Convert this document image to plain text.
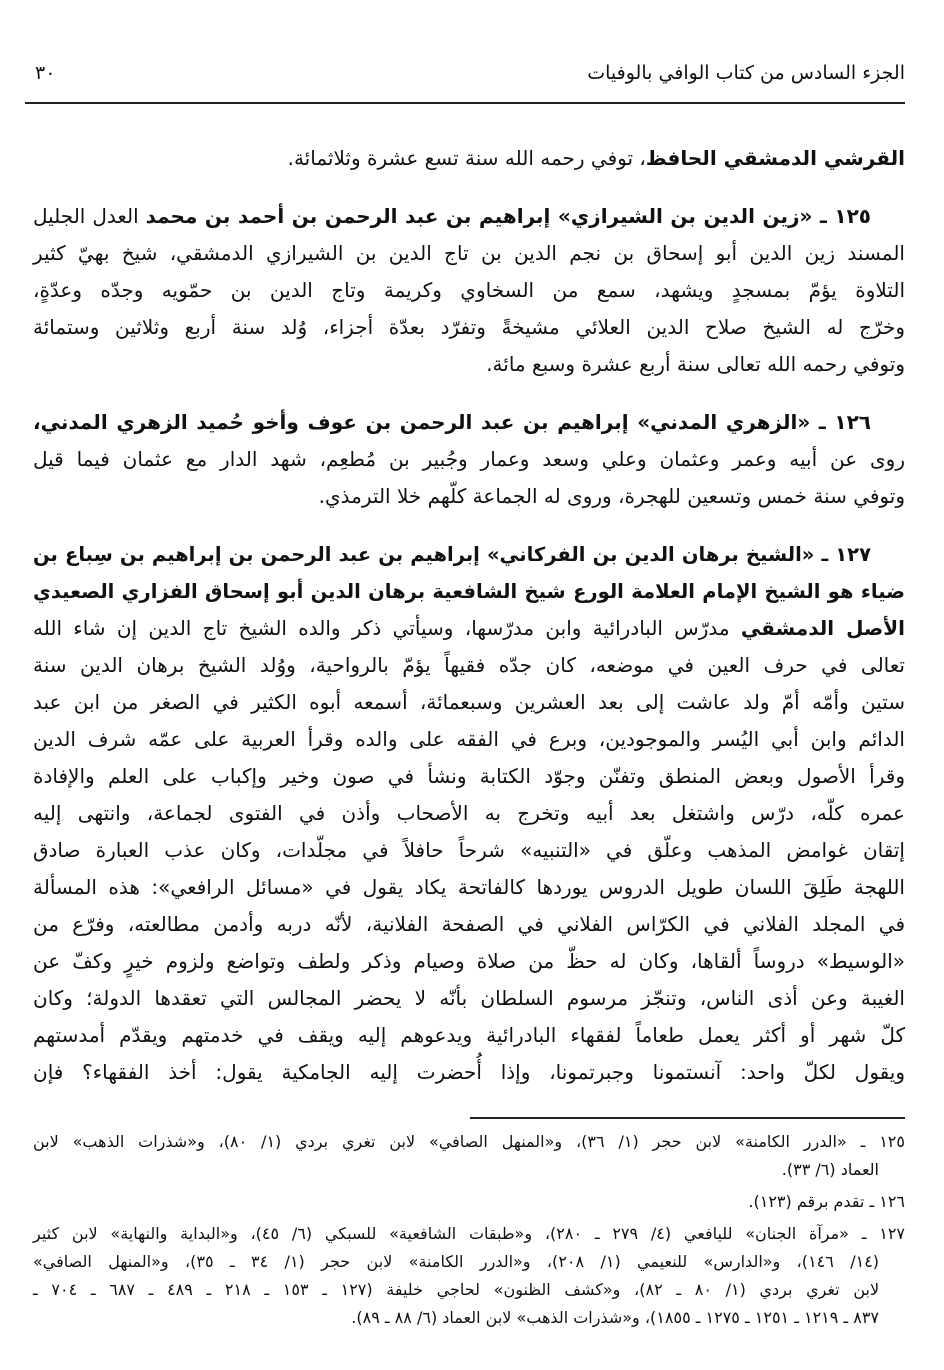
الجزء السادس من كتاب الوافي بالوفيات
٣٠
القرشي الدمشقي الحافظ، توفي رحمه الله سنة تسع عشرة وثلاثمائة.
١٢٥ ـ «زين الدين بن الشيرازي» إبراهيم بن عبد الرحمن بن أحمد بن محمد العدل الجليل
المسند زين الدين أبو إسحاق بن نجم الدين بن تاج الدين بن الشيرازي الدمشقي، شيخ بهيّ كثير
التلاوة يؤمّ بمسجدٍ ويشهد، سمع من السخاوي وكريمة وتاج الدين بن حمّويه وجدّه وعدّةٍ،
وخرّج له الشيخ صلاح الدين العلائي مشيخةً وتفرّد بعدّة أجزاء، وُلد سنة أربع وثلاثين وستمائة
وتوفي رحمه الله تعالى سنة أربع عشرة وسبع مائة.
١٢٦ ـ «الزهري المدني» إبراهيم بن عبد الرحمن بن عوف وأخو حُميد الزهري المدني،
روى عن أبيه وعمر وعثمان وعلي وسعد وعمار وجُبير بن مُطعِم، شهد الدار مع عثمان فيما قيل
وتوفي سنة خمس وتسعين للهجرة، وروى له الجماعة كلّهم خلا الترمذي.
١٢٧ ـ «الشيخ برهان الدين بن الفركاني» إبراهيم بن عبد الرحمن بن إبراهيم بن سِباع بن
ضياء هو الشيخ الإمام العلامة الورع شيخ الشافعية برهان الدين أبو إسحاق الفزاري الصعيدي
الأصل الدمشقي مدرّس البادرائية وابن مدرّسها، وسيأتي ذكر والده الشيخ تاج الدين إن شاء الله
تعالى في حرف العين في موضعه، كان جدّه فقيهاً يؤمّ بالرواحية، ووُلد الشيخ برهان الدين سنة
ستين وأمّه أمّ ولد عاشت إلى بعد العشرين وسبعمائة، أسمعه أبوه الكثير في الصغر من ابن عبد
الدائم وابن أبي اليُسر والموجودين، وبرع في الفقه على والده وقرأ العربية على عمّه شرف الدين
وقرأ الأصول وبعض المنطق وتفنّن وجوّد الكتابة ونشأ في صون وخير وإكباب على العلم والإفادة
عمره كلّه، درّس واشتغل بعد أبيه وتخرج به الأصحاب وأذن في الفتوى لجماعة، وانتهى إليه
إتقان غوامض المذهب وعلّق في «التنبيه» شرحاً حافلاً في مجلّدات، وكان عذب العبارة صادق
اللهجة طَلِقَ اللسان طويل الدروس يوردها كالفاتحة يكاد يقول في «مسائل الرافعي»: هذه المسألة
في المجلد الفلاني في الكرّاس الفلاني في الصفحة الفلانية، لأنّه دربه وأدمن مطالعته، وفرّع من
«الوسيط» دروساً ألقاها، وكان له حظّ من صلاة وصيام وذكر ولطف وتواضع ولزوم خيرٍ وكفّ عن
الغيبة وعن أذى الناس، وتنجّز مرسوم السلطان بأنّه لا يحضر المجالس التي تعقدها الدولة؛ وكان
كلّ شهر أو أكثر يعمل طعاماً لفقهاء البادرائية ويدعوهم إليه ويقف في خدمتهم ويقدّم أمدستهم
ويقول لكلّ واحد: آنستمونا وجبرتمونا، وإذا أُحضرت إليه الجامكية يقول: أخذ الفقهاء؟ فإن
١٢٥ ـ «الدرر الكامنة» لابن حجر (١/ ٣٦)، و«المنهل الصافي» لابن تغري بردي (١/ ٨٠)، و«شذرات الذهب» لابن
العماد (٦/ ٣٣).
١٢٦ ـ تقدم برقم (١٢٣).
١٢٧ ـ «مرآة الجنان» لليافعي (٤/ ٢٧٩ ـ ٢٨٠)، و«طبقات الشافعية» للسبكي (٦/ ٤٥)، و«البداية والنهاية» لابن كثير
(١٤/ ١٤٦)، و«الدارس» للنعيمي (١/ ٢٠٨)، و«الدرر الكامنة» لابن حجر (١/ ٣٤ ـ ٣٥)، و«المنهل الصافي»
لابن تغري بردي (١/ ٨٠ ـ ٨٢)، و«كشف الظنون» لحاجي خليفة (١٢٧ ـ ١٥٣ ـ ٢١٨ ـ ٤٨٩ ـ ٦٨٧ ـ ٧٠٤ ـ
٨٣٧ ـ ١٢١٩ ـ ١٢٥١ ـ ١٢٧٥ ـ ١٨٥٥)، و«شذرات الذهب» لابن العماد (٦/ ٨٨ ـ ٨٩).
